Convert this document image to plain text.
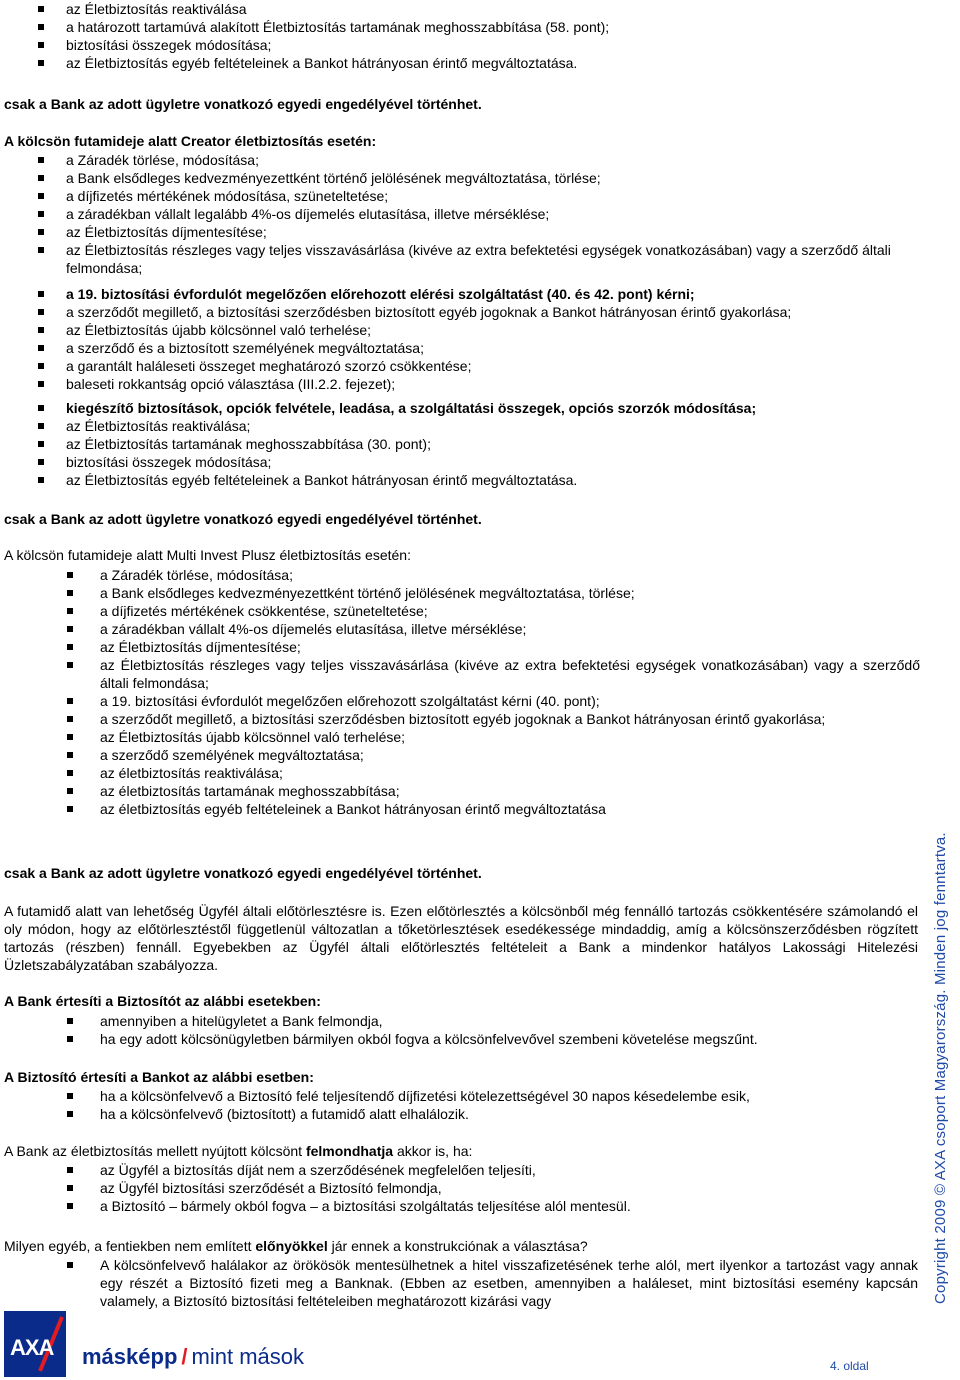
az Életbiztosítás reaktiválása
a határozott tartamúvá alakított Életbiztosítás tartamának meghosszabbítása (58. pont);
biztosítási összegek módosítása;
az Életbiztosítás egyéb feltételeinek a Bankot hátrányosan érintő megváltoztatása.
csak a Bank az adott ügyletre vonatkozó egyedi engedélyével történhet.
A kölcsön futamideje alatt Creator életbiztosítás esetén:
a Záradék törlése, módosítása;
a Bank elsődleges kedvezményezettként történő jelölésének megváltoztatása, törlése;
a díjfizetés mértékének módosítása, szüneteltetése;
a záradékban vállalt legalább 4%-os díjemelés elutasítása, illetve mérséklése;
az Életbiztosítás díjmentesítése;
az Életbiztosítás részleges vagy teljes visszavásárlása (kivéve az extra befektetési egységek vonatkozásában) vagy a szerződő általi felmondása;
a 19. biztosítási évfordulót megelőzően előrehozott elérési szolgáltatást (40. és 42. pont) kérni;
a szerződőt megillető, a biztosítási szerződésben biztosított egyéb jogoknak a Bankot hátrányosan érintő gyakorlása;
az Életbiztosítás újabb kölcsönnel való terhelése;
a szerződő és a biztosított személyének megváltoztatása;
a garantált haláleseti összeget meghatározó szorzó csökkentése;
baleseti rokkantság opció választása (III.2.2. fejezet);
kiegészítő biztosítások, opciók felvétele, leadása, a szolgáltatási összegek, opciós szorzók módosítása;
az Életbiztosítás reaktiválása;
az Életbiztosítás tartamának meghosszabbítása (30. pont);
biztosítási összegek módosítása;
az Életbiztosítás egyéb feltételeinek a Bankot hátrányosan érintő megváltoztatása.
csak a Bank az adott ügyletre vonatkozó egyedi engedélyével történhet.
A kölcsön futamideje alatt Multi Invest Plusz életbiztosítás esetén:
a Záradék törlése, módosítása;
a Bank elsődleges kedvezményezettként történő jelölésének megváltoztatása, törlése;
a díjfizetés mértékének csökkentése, szüneteltetése;
a záradékban vállalt 4%-os díjemelés elutasítása, illetve mérséklése;
az Életbiztosítás díjmentesítése;
az Életbiztosítás részleges vagy teljes visszavásárlása (kivéve az extra befektetési egységek vonatkozásában) vagy a szerződő általi felmondása;
a 19. biztosítási évfordulót megelőzően előrehozott szolgáltatást kérni (40. pont);
a szerződőt megillető, a biztosítási szerződésben biztosított egyéb jogoknak a Bankot hátrányosan érintő gyakorlása;
az Életbiztosítás újabb kölcsönnel való terhelése;
a szerződő személyének megváltoztatása;
az életbiztosítás reaktiválása;
az életbiztosítás tartamának meghosszabbítása;
az életbiztosítás egyéb feltételeinek a Bankot hátrányosan érintő megváltoztatása
csak a Bank az adott ügyletre vonatkozó egyedi engedélyével történhet.

A futamidő alatt van lehetőség Ügyfél általi előtörlesztésre is. Ezen előtörlesztés a kölcsönből még fennálló tartozás csökkentésére számolandó el oly módon, hogy az előtörlesztéstől függetlenül változatlan a tőketörlesztések esedékessége mindaddig, amíg a kölcsönszerződésben rögzített tartozás (részben) fennáll. Egyebekben az Ügyfél általi előtörlesztés feltételeit a Bank a mindenkor hatályos Lakossági Hitelezési Üzletszabályzatában szabályozza.

A Bank értesíti a Biztosítót az alábbi esetekben:
amennyiben a hitelügyletet a Bank felmondja,
ha egy adott kölcsönügyletben bármilyen okból fogva a kölcsönfelvevővel szembeni követelése megszűnt.
A Biztosító értesíti a Bankot az alábbi esetben:
ha a kölcsönfelvevő a Biztosító felé teljesítendő díjfizetési kötelezettségével 30 napos késedelembe esik,
ha a kölcsönfelvevő (biztosított) a futamidő alatt elhalálozik.
A Bank az életbiztosítás mellett nyújtott kölcsönt felmondhatja akkor is, ha:
az Ügyfél a biztosítás díját nem a szerződésének megfelelően teljesíti,
az Ügyfél biztosítási szerződését a Biztosító felmondja,
a Biztosító – bármely okból fogva – a biztosítási szolgáltatás teljesítése alól mentesül.
Milyen egyéb, a fentiekben nem említett előnyökkel jár ennek a konstrukciónak a választása?
A kölcsönfelvevő halálakor az örökösök mentesülhetnek a hitel visszafizetésének terhe alól, mert ilyenkor a tartozást vagy annak egy részét a Biztosító fizeti meg a Banknak. (Ebben az esetben, amennyiben a haláleset, mint biztosítási esemény kapcsán valamely, a Biztosító biztosítási feltételeiben meghatározott kizárási vagy	Copyright 2009 © AXA csoport Magyarország. Minden jog fenntartva.
AXA másképp / mint mások	4. oldal
